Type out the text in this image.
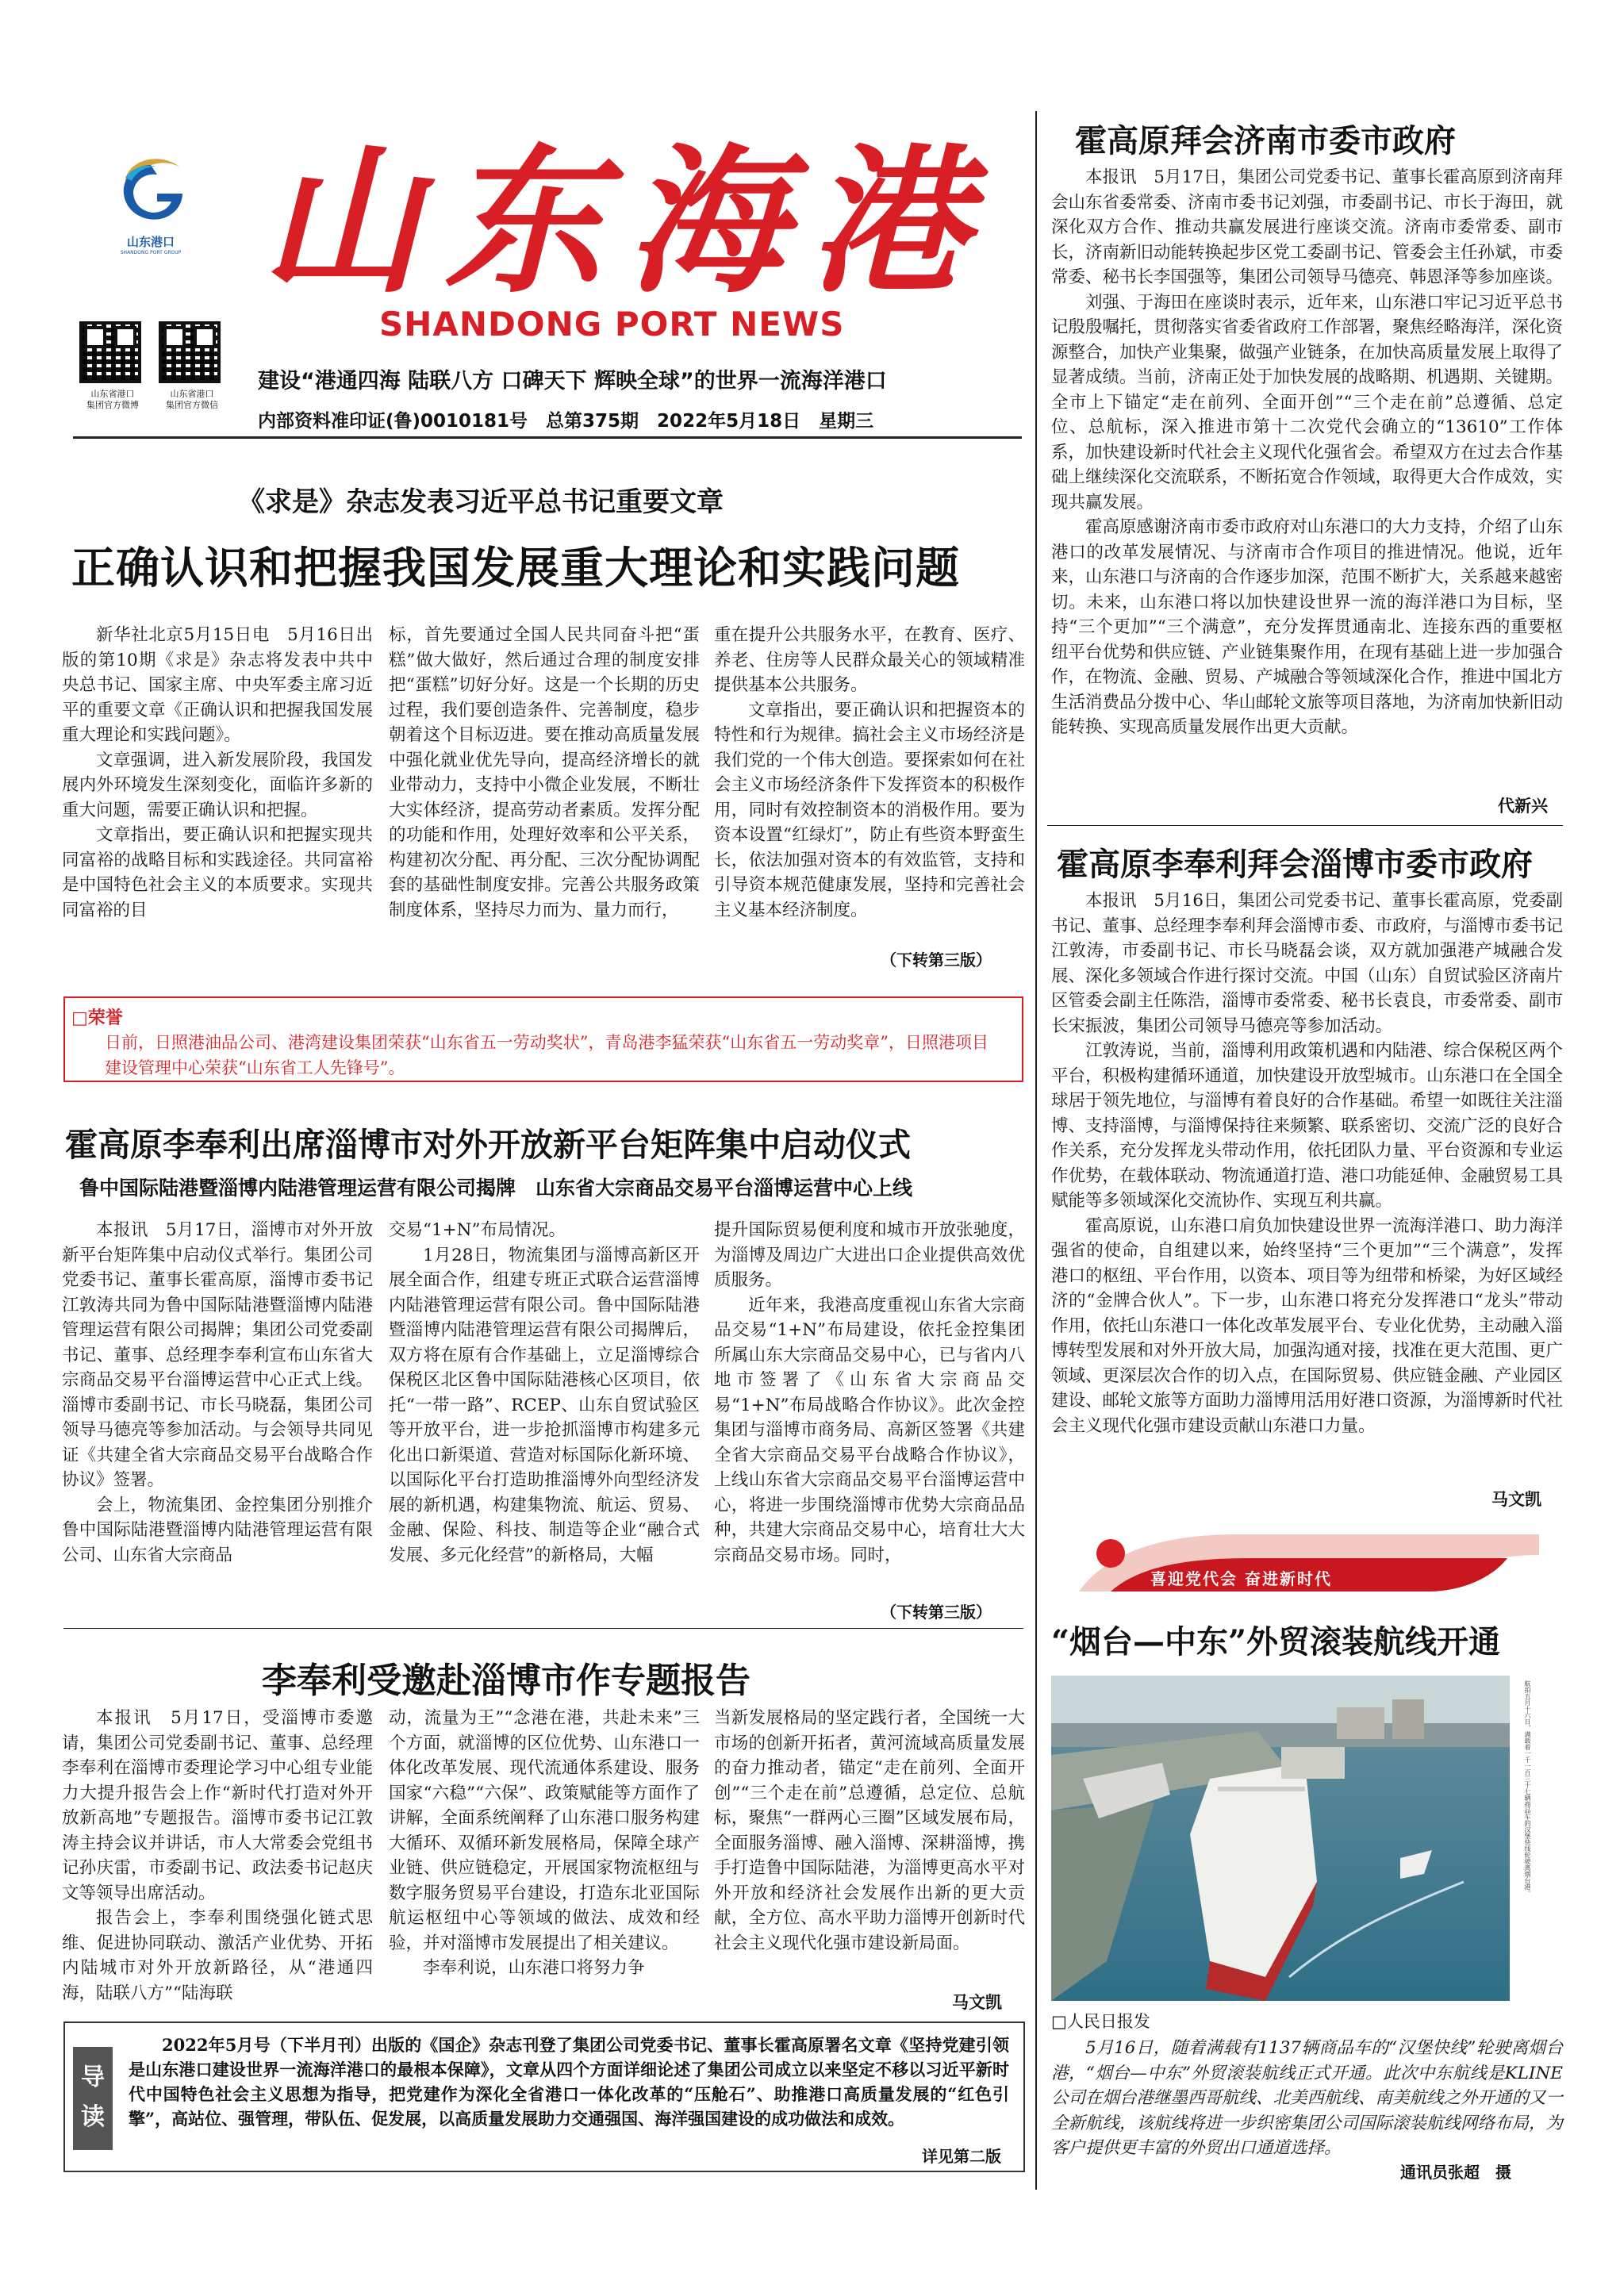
山东港口
SHANDONG PORT GROUP 山 东 海 港
SHANDONG PORT NEWS
山东省港口
集团官方微博
山东省港口
集团官方微信
建设“港通四海 陆联八方 口碑天下 辉映全球”的世界一流海洋港口
内部资料准印证(鲁)0010181号　总第375期　2022年5月18日　星期三
《求是》杂志发表习近平总书记重要文章
正确认识和把握我国发展重大理论和实践问题

新华社北京5月15日电　5月16日出版的第10期《求是》杂志将发表中共中央总书记、国家主席、中央军委主席习近平的重要文章《正确认识和把握我国发展重大理论和实践问题》。

文章强调，进入新发展阶段，我国发展内外环境发生深刻变化，面临许多新的重大问题，需要正确认识和把握。

文章指出，要正确认识和把握实现共同富裕的战略目标和实践途径。共同富裕是中国特色社会主义的本质要求。实现共同富裕的目

标，首先要通过全国人民共同奋斗把“蛋糕”做大做好，然后通过合理的制度安排把“蛋糕”切好分好。这是一个长期的历史过程，我们要创造条件、完善制度，稳步朝着这个目标迈进。要在推动高质量发展中强化就业优先导向，提高经济增长的就业带动力，支持中小微企业发展，不断壮大实体经济，提高劳动者素质。发挥分配的功能和作用，处理好效率和公平关系，构建初次分配、再分配、三次分配协调配套的基础性制度安排。完善公共服务政策制度体系，坚持尽力而为、量力而行，

重在提升公共服务水平，在教育、医疗、养老、住房等人民群众最关心的领域精准提供基本公共服务。

文章指出，要正确认识和把握资本的特性和行为规律。搞社会主义市场经济是我们党的一个伟大创造。要探索如何在社会主义市场经济条件下发挥资本的积极作用，同时有效控制资本的消极作用。要为资本设置“红绿灯”，防止有些资本野蛮生长，依法加强对资本的有效监管，支持和引导资本规范健康发展，坚持和完善社会主义基本经济制度。

（下转第三版）
□荣誉
日前，日照港油品公司、港湾建设集团荣获“山东省五一劳动奖状”，青岛港李猛荣获“山东省五一劳动奖章”，日照港项目建设管理中心荣获“山东省工人先锋号”。
霍高原李奉利出席淄博市对外开放新平台矩阵集中启动仪式
鲁中国际陆港暨淄博内陆港管理运营有限公司揭牌　山东省大宗商品交易平台淄博运营中心上线

本报讯　5月17日，淄博市对外开放新平台矩阵集中启动仪式举行。集团公司党委书记、董事长霍高原，淄博市委书记江敦涛共同为鲁中国际陆港暨淄博内陆港管理运营有限公司揭牌；集团公司党委副书记、董事、总经理李奉利宣布山东省大宗商品交易平台淄博运营中心正式上线。淄博市委副书记、市长马晓磊，集团公司领导马德亮等参加活动。与会领导共同见证《共建全省大宗商品交易平台战略合作协议》签署。

会上，物流集团、金控集团分别推介鲁中国际陆港暨淄博内陆港管理运营有限公司、山东省大宗商品

交易“1+N”布局情况。

1月28日，物流集团与淄博高新区开展全面合作，组建专班正式联合运营淄博内陆港管理运营有限公司。鲁中国际陆港暨淄博内陆港管理运营有限公司揭牌后，双方将在原有合作基础上，立足淄博综合保税区北区鲁中国际陆港核心区项目，依托“一带一路”、RCEP、山东自贸试验区等开放平台，进一步抢抓淄博市构建多元化出口新渠道、营造对标国际化新环境、以国际化平台打造助推淄博外向型经济发展的新机遇，构建集物流、航运、贸易、金融、保险、科技、制造等企业“融合式发展、多元化经营”的新格局，大幅

提升国际贸易便利度和城市开放张驰度，为淄博及周边广大进出口企业提供高效优质服务。

近年来，我港高度重视山东省大宗商品交易“1+N”布局建设，依托金控集团所属山东大宗商品交易中心，已与省内八地市签署了《山东省大宗商品交易“1+N”布局战略合作协议》。此次金控集团与淄博市商务局、高新区签署《共建全省大宗商品交易平台战略合作协议》，上线山东省大宗商品交易平台淄博运营中心，将进一步围绕淄博市优势大宗商品品种，共建大宗商品交易中心，培育壮大大宗商品交易市场。同时，

（下转第三版）
李奉利受邀赴淄博市作专题报告

本报讯　5月17日，受淄博市委邀请，集团公司党委副书记、董事、总经理李奉利在淄博市委理论学习中心组专业能力大提升报告会上作“新时代打造对外开放新高地”专题报告。淄博市委书记江敦涛主持会议并讲话，市人大常委会党组书记孙庆雷，市委副书记、政法委书记赵庆文等领导出席活动。

报告会上，李奉利围绕强化链式思维、促进协同联动、激活产业优势、开拓内陆城市对外开放新路径，从“港通四海，陆联八方”“陆海联

动，流量为王”“念港在港，共赴未来”三个方面，就淄博的区位优势、山东港口一体化改革发展、现代流通体系建设、服务国家“六稳”“六保”、政策赋能等方面作了讲解，全面系统阐释了山东港口服务构建大循环、双循环新发展格局，保障全球产业链、供应链稳定，开展国家物流枢纽与数字服务贸易平台建设，打造东北亚国际航运枢纽中心等领域的做法、成效和经验，并对淄博市发展提出了相关建议。

李奉利说，山东港口将努力争

当新发展格局的坚定践行者，全国统一大市场的创新开拓者，黄河流域高质量发展的奋力推动者，锚定“走在前列、全面开创”“三个走在前”总遵循，总定位、总航标，聚焦“一群两心三圈”区域发展布局，全面服务淄博、融入淄博、深耕淄博，携手打造鲁中国际陆港，为淄博更高水平对外开放和经济社会发展作出新的更大贡献，全方位、高水平助力淄博开创新时代社会主义现代化强市建设新局面。

马文凯
导读
2022年5月号（下半月刊）出版的《国企》杂志刊登了集团公司党委书记、董事长霍高原署名文章《坚持党建引领是山东港口建设世界一流海洋港口的最根本保障》，文章从四个方面详细论述了集团公司成立以来坚定不移以习近平新时代中国特色社会主义思想为指导，把党建作为深化全省港口一体化改革的“压舱石”、助推港口高质量发展的“红色引擎”，高站位、强管理，带队伍、促发展，以高质量发展助力交通强国、海洋强国建设的成功做法和成效。
详见第二版
霍高原拜会济南市委市政府

本报讯　5月17日，集团公司党委书记、董事长霍高原到济南拜会山东省委常委、济南市委书记刘强，市委副书记、市长于海田，就深化双方合作、推动共赢发展进行座谈交流。济南市委常委、副市长，济南新旧动能转换起步区党工委副书记、管委会主任孙斌，市委常委、秘书长李国强等，集团公司领导马德亮、韩恩泽等参加座谈。

刘强、于海田在座谈时表示，近年来，山东港口牢记习近平总书记殷殷嘱托，贯彻落实省委省政府工作部署，聚焦经略海洋，深化资源整合，加快产业集聚，做强产业链条，在加快高质量发展上取得了显著成绩。当前，济南正处于加快发展的战略期、机遇期、关键期。全市上下锚定“走在前列、全面开创”“三个走在前”总遵循、总定位、总航标，深入推进市第十二次党代会确立的“13610”工作体系，加快建设新时代社会主义现代化强省会。希望双方在过去合作基础上继续深化交流联系，不断拓宽合作领域，取得更大合作成效，实现共赢发展。

霍高原感谢济南市委市政府对山东港口的大力支持，介绍了山东港口的改革发展情况、与济南市合作项目的推进情况。他说，近年来，山东港口与济南的合作逐步加深，范围不断扩大，关系越来越密切。未来，山东港口将以加快建设世界一流的海洋港口为目标，坚持“三个更加”“三个满意”，充分发挥贯通南北、连接东西的重要枢纽平台优势和供应链、产业链集聚作用，在现有基础上进一步加强合作，在物流、金融、贸易、产城融合等领域深化合作，推进中国北方生活消费品分拨中心、华山邮轮文旅等项目落地，为济南加快新旧动能转换、实现高质量发展作出更大贡献。

代新兴
霍高原李奉利拜会淄博市委市政府

本报讯　5月16日，集团公司党委书记、董事长霍高原，党委副书记、董事、总经理李奉利拜会淄博市委、市政府，与淄博市委书记江敦涛，市委副书记、市长马晓磊会谈，双方就加强港产城融合发展、深化多领域合作进行探讨交流。中国（山东）自贸试验区济南片区管委会副主任陈浩，淄博市委常委、秘书长袁良，市委常委、副市长宋振波，集团公司领导马德亮等参加活动。

江敦涛说，当前，淄博利用政策机遇和内陆港、综合保税区两个平台，积极构建循环通道，加快建设开放型城市。山东港口在全国全球居于领先地位，与淄博有着良好的合作基础。希望一如既往关注淄博、支持淄博，与淄博保持往来频繁、联系密切、交流广泛的良好合作关系，充分发挥龙头带动作用，依托团队力量、平台资源和专业运作优势，在载体联动、物流通道打造、港口功能延伸、金融贸易工具赋能等多领域深化交流协作、实现互利共赢。

霍高原说，山东港口肩负加快建设世界一流海洋港口、助力海洋强省的使命，自组建以来，始终坚持“三个更加”“三个满意”，发挥港口的枢纽、平台作用，以资本、项目等为纽带和桥梁，为好区域经济的“金牌合伙人”。下一步，山东港口将充分发挥港口“龙头”带动作用，依托山东港口一体化改革发展平台、专业化优势，主动融入淄博转型发展和对外开放大局，加强沟通对接，找准在更大范围、更广领域、更深层次合作的切入点，在国际贸易、供应链金融、产业园区建设、邮轮文旅等方面助力淄博用活用好港口资源，为淄博新时代社会主义现代化强市建设贡献山东港口力量。

马文凯
喜迎党代会 奋进新时代
“烟台—中东”外贸滚装航线开通
航拍五月十六日，满载着一千一百三十七辆商品车的汉堡快线轮驶离烟台港。
□人民日报发
5月16日，随着满载有1137辆商品车的“汉堡快线”轮驶离烟台港，“烟台—中东”外贸滚装航线正式开通。此次中东航线是KLINE公司在烟台港继墨西哥航线、北美西航线、南美航线之外开通的又一全新航线，该航线将进一步织密集团公司国际滚装航线网络布局，为客户提供更丰富的外贸出口通道选择。
通讯员张超　摄
